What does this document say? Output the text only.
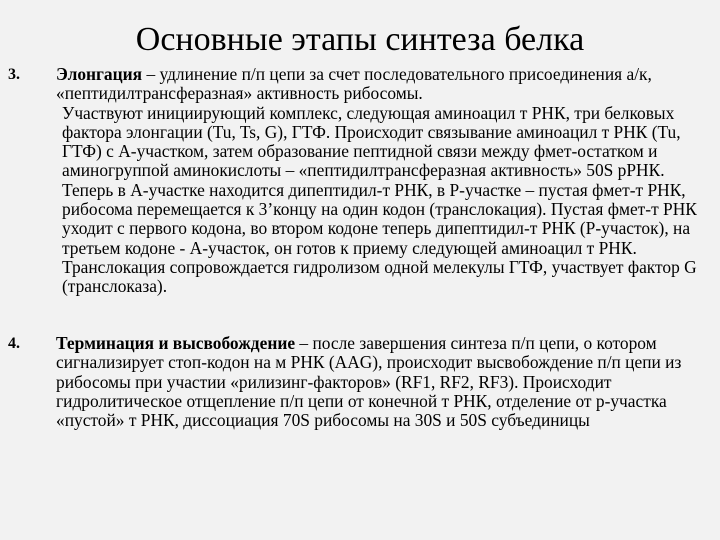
Основные этапы синтеза белка
3. Элонгация – удлинение п/п цепи за счет последовательного присоединения а/к, «пептидилтрансферазная» активность рибосомы.

Участвуют инициирующий комплекс, следующая аминоацил т РНК, три белковых фактора элонгации (Tu, Ts, G), ГТФ. Происходит связывание аминоацил т РНК (Tu, ГТФ) с А-участком, затем образование пептидной связи между фмет-остатком и аминогруппой аминокислоты – «пептидилтрансферазная активность» 50S рРНК. Теперь в А-участке находится дипептидил-т РНК, в Р-участке – пустая фмет-т РНК, рибосома перемещается к 3’концу на один кодон (транслокация). Пустая фмет-т РНК уходит с первого кодона, во втором кодоне теперь дипептидил-т РНК (Р-участок), на третьем кодоне - А-участок, он готов к приему следующей аминоацил т РНК. Транслокация сопровождается гидролизом одной мелекулы ГТФ, участвует фактор G (транслоказа).

4. Терминация и высвобождение – после завершения синтеза п/п цепи, о котором сигнализирует стоп-кодон на м РНК (AAG), происходит высвобождение п/п цепи из рибосомы при участии «рилизинг-факторов» (RF1, RF2, RF3). Происходит гидролитическое отщепление п/п цепи от конечной т РНК, отделение от р-участка «пустой» т РНК, диссоциация 70S рибосомы на 30S и 50S субъединицы
